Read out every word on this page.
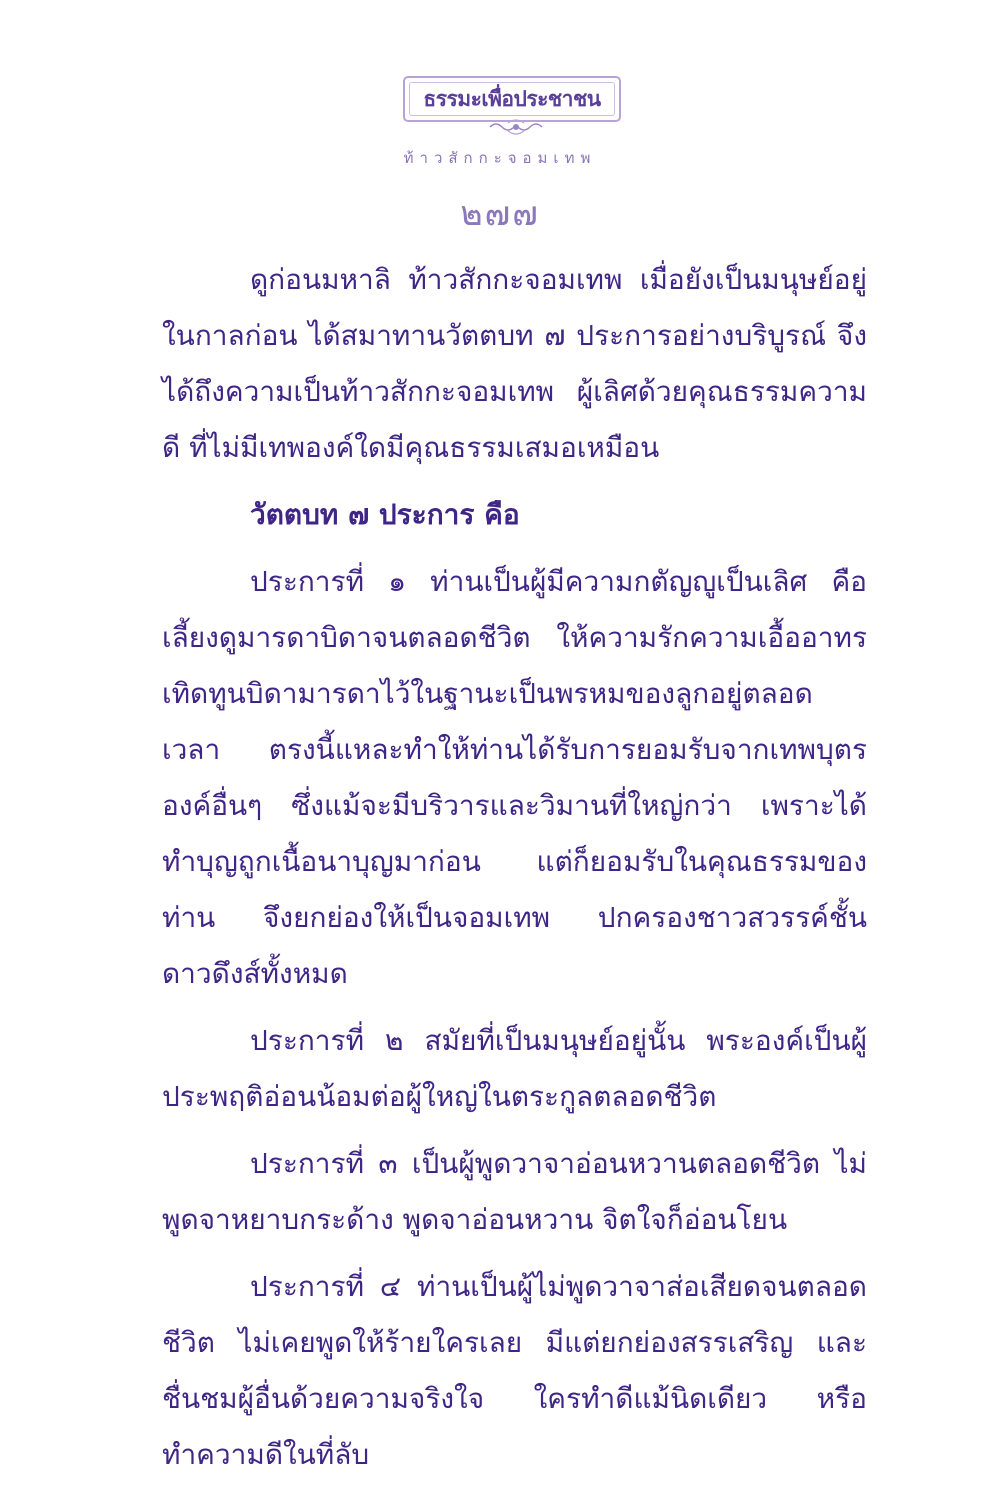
ธรรมะเพื่อประชาชน
ท้าวสักกะจอมเทพ
๒๗๗

ดูก่อนมหาลิ ท้าวสักกะจอมเทพ เมื่อยังเป็นมนุษย์อยู่ในกาลก่อน ได้สมาทานวัตตบท ๗ ประการอย่างบริบูรณ์ จึงได้ถึงความเป็นท้าวสักกะจอมเทพ ผู้เลิศด้วยคุณธรรมความดี ที่ไม่มีเทพองค์ใดมีคุณธรรมเสมอเหมือน

วัตตบท ๗ ประการ คือ

ประการที่ ๑ ท่านเป็นผู้มีความกตัญญูเป็นเลิศ คือเลี้ยงดูมารดาบิดาจนตลอดชีวิต ให้ความรักความเอื้ออาทร เทิดทูนบิดามารดาไว้ในฐานะเป็นพรหมของลูกอยู่ตลอดเวลา ตรงนี้แหละทำให้ท่านได้รับการยอมรับจากเทพบุตรองค์อื่นๆ ซึ่งแม้จะมีบริวารและวิมานที่ใหญ่กว่า เพราะได้ทำบุญถูกเนื้อนาบุญมาก่อน แต่ก็ยอมรับในคุณธรรมของท่าน จึงยกย่องให้เป็นจอมเทพ ปกครองชาวสวรรค์ชั้นดาวดึงส์ทั้งหมด

ประการที่ ๒ สมัยที่เป็นมนุษย์อยู่นั้น พระองค์เป็นผู้ประพฤติอ่อนน้อมต่อผู้ใหญ่ในตระกูลตลอดชีวิต

ประการที่ ๓ เป็นผู้พูดวาจาอ่อนหวานตลอดชีวิต ไม่พูดจาหยาบกระด้าง พูดจาอ่อนหวาน จิตใจก็อ่อนโยน

ประการที่ ๔ ท่านเป็นผู้ไม่พูดวาจาส่อเสียดจนตลอดชีวิต ไม่เคยพูดให้ร้ายใครเลย มีแต่ยกย่องสรรเสริญ และชื่นชมผู้อื่นด้วยความจริงใจ ใครทำดีแม้นิดเดียว หรือทำความดีในที่ลับ
